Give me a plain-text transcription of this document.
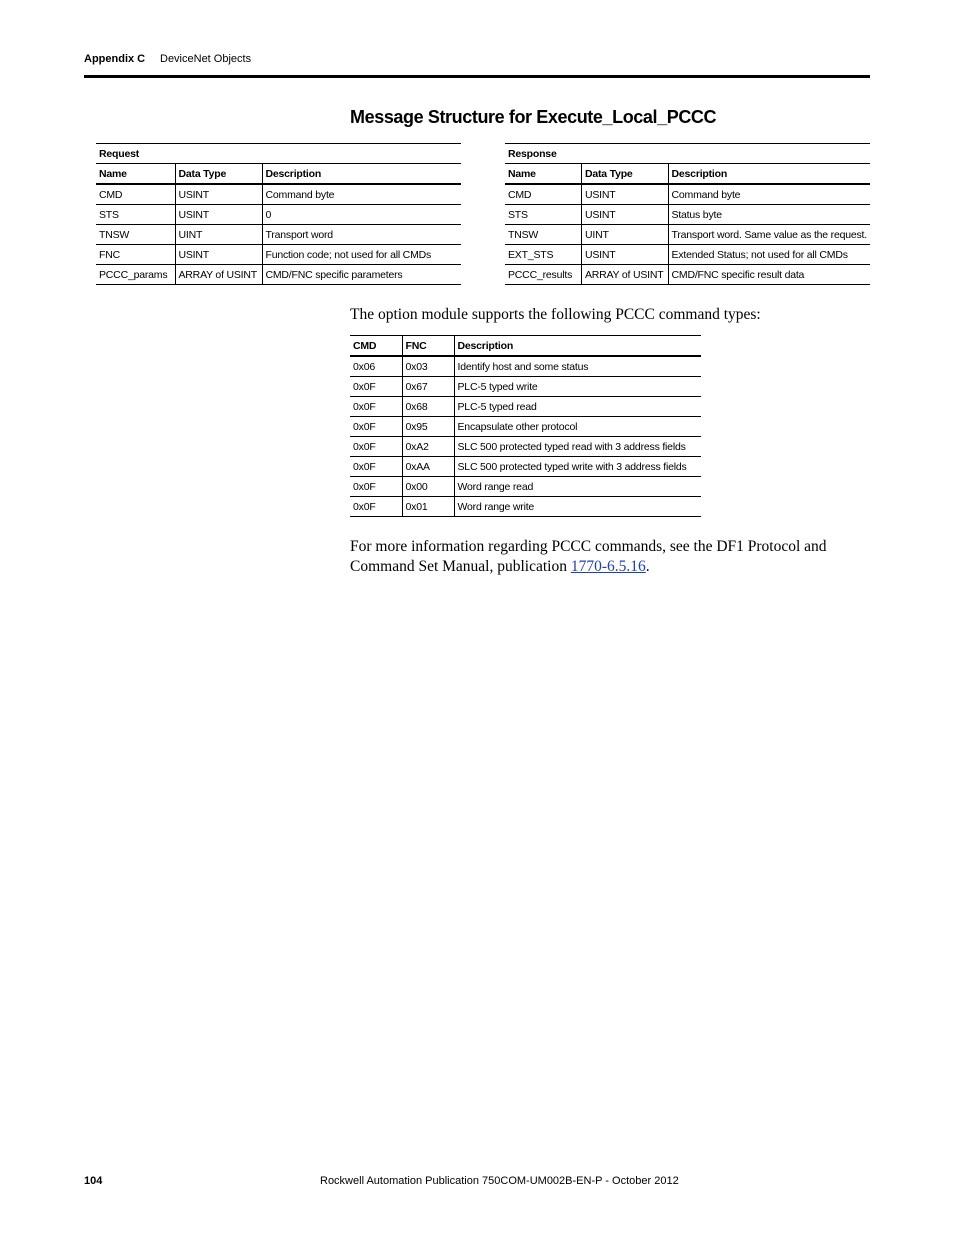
Appendix C DeviceNet Objects
Message Structure for Execute_Local_PCCC
Request		
Name	Data Type	Description
CMD	USINT	Command byte
STS	USINT	0
TNSW	UINT	Transport word
FNC	USINT	Function code; not used for all CMDs
PCCC_params	ARRAY of USINT	CMD/FNC specific parameters
Response		
Name	Data Type	Description
CMD	USINT	Command byte
STS	USINT	Status byte
TNSW	UINT	Transport word. Same value as the request.
EXT_STS	USINT	Extended Status; not used for all CMDs
PCCC_results	ARRAY of USINT	CMD/FNC specific result data
The option module supports the following PCCC command types:
CMD	FNC	Description
0x06	0x03	Identify host and some status
0x0F	0x67	PLC-5 typed write
0x0F	0x68	PLC-5 typed read
0x0F	0x95	Encapsulate other protocol
0x0F	0xA2	SLC 500 protected typed read with 3 address fields
0x0F	0xAA	SLC 500 protected typed write with 3 address fields
0x0F	0x00	Word range read
0x0F	0x01	Word range write
For more information regarding PCCC commands, see the DF1 Protocol and Command Set Manual, publication 1770-6.5.16.
104	Rockwell Automation Publication 750COM-UM002B-EN-P - October 2012
